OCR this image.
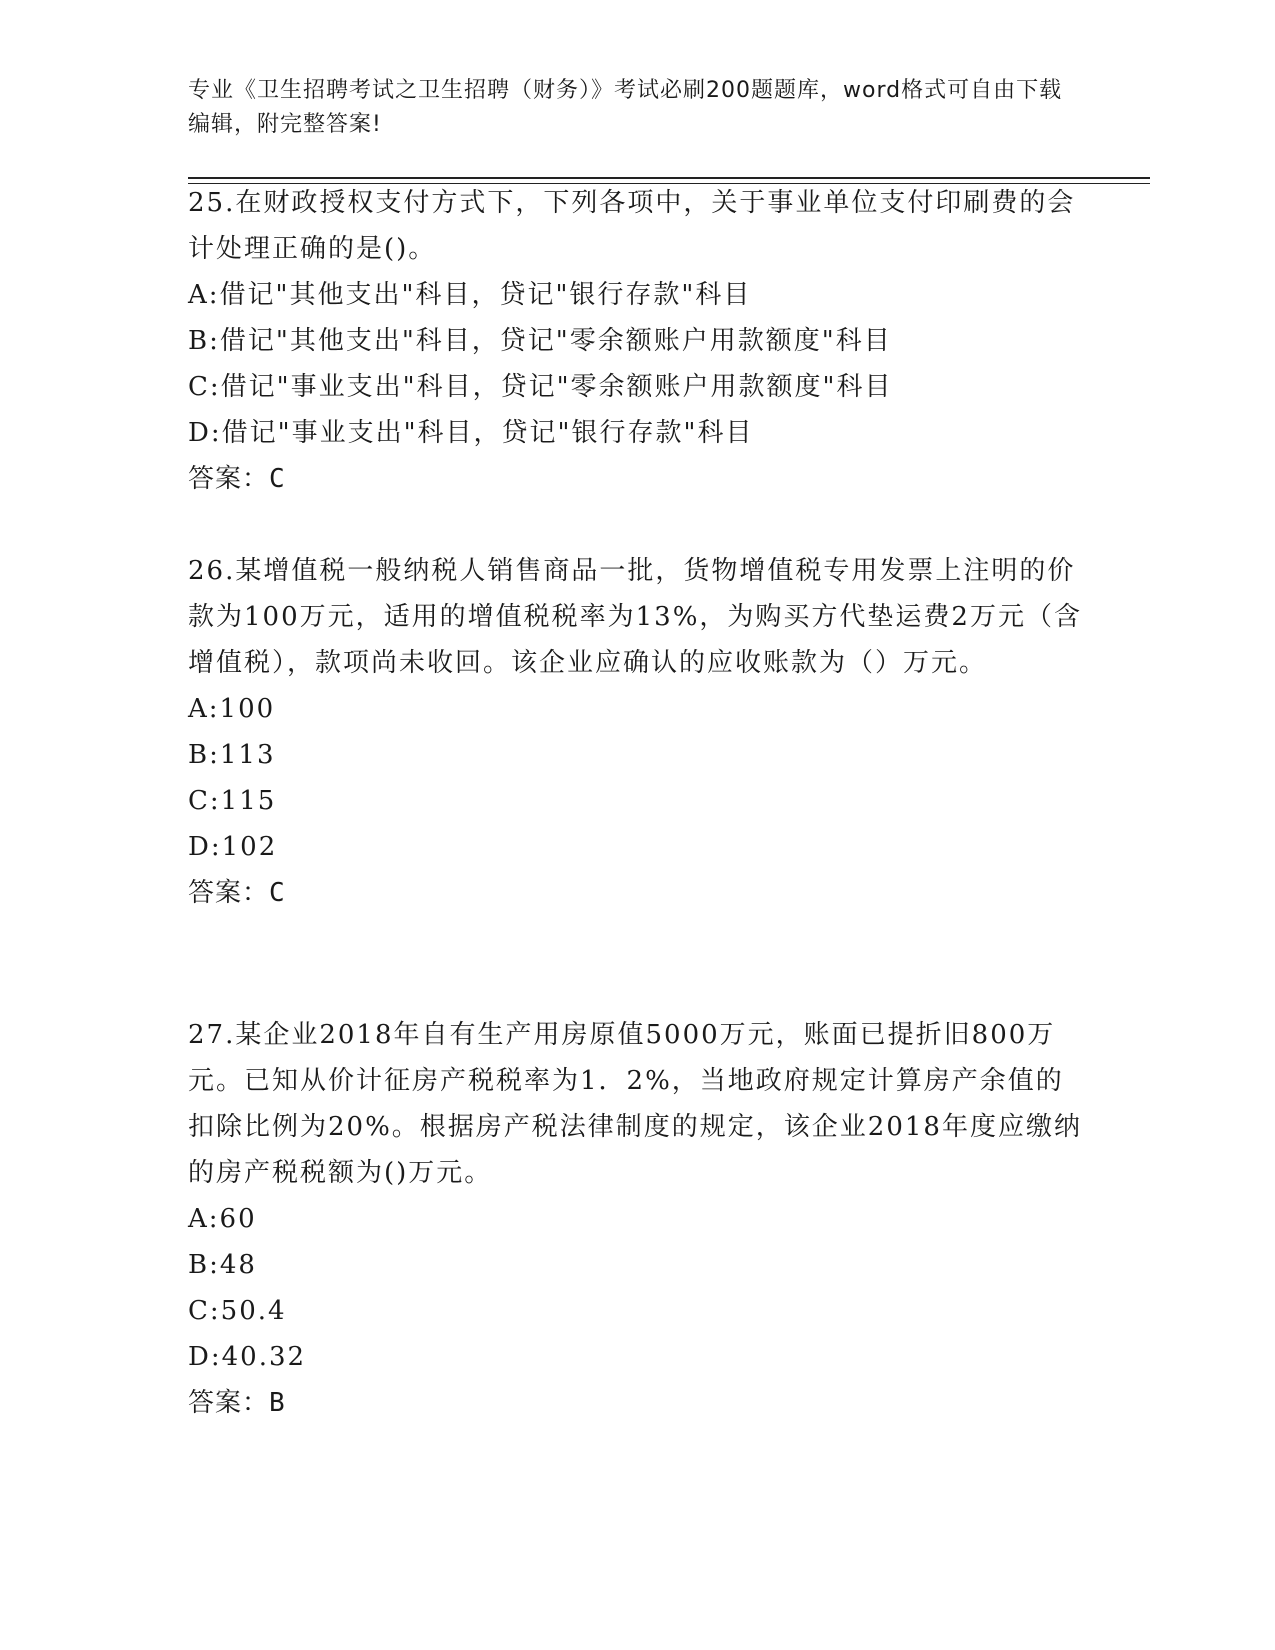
专业《卫生招聘考试之卫生招聘（财务）》考试必刷200题题库，word格式可自由下载编辑，附完整答案!
25.在财政授权支付方式下，下列各项中，关于事业单位支付印刷费的会计处理正确的是()。
A:借记"其他支出"科目，贷记"银行存款"科目
B:借记"其他支出"科目，贷记"零余额账户用款额度"科目
C:借记"事业支出"科目，贷记"零余额账户用款额度"科目
D:借记"事业支出"科目，贷记"银行存款"科目
答案：C
26.某增值税一般纳税人销售商品一批，货物增值税专用发票上注明的价款为100万元，适用的增值税税率为13%，为购买方代垫运费2万元（含增值税），款项尚未收回。该企业应确认的应收账款为（）万元。
A:100
B:113
C:115
D:102
答案：C
27.某企业2018年自有生产用房原值5000万元，账面已提折旧800万元。已知从价计征房产税税率为1．2%，当地政府规定计算房产余值的扣除比例为20%。根据房产税法律制度的规定，该企业2018年度应缴纳的房产税税额为()万元。
A:60
B:48
C:50.4
D:40.32
答案：B
